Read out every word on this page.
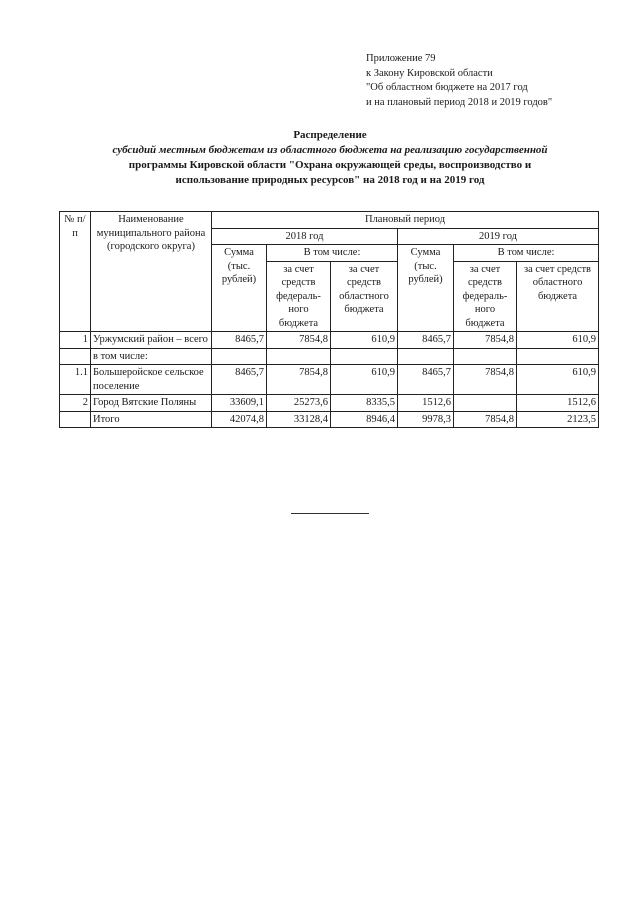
Приложение 79
к Закону Кировской области
"Об областном бюджете на 2017 год
и на плановый период 2018 и 2019 годов"
Распределение
субсидий местным бюджетам из областного бюджета на реализацию государственной
программы Кировской области "Охрана окружающей среды, воспроизводство и
использование природных ресурсов" на 2018 год и на 2019 год
№ п/п	Наименование муниципального района (городского округа)	Плановый период					
		2018 год			2019 год		
		Сумма (тыс. рублей)	В том числе:		Сумма (тыс. рублей)	В том числе:	
			за счет средств федераль-ного бюджета	за счет средств областного бюджета		за счет средств федераль-ного бюджета	за счет средств областного бюджета
1	Уржумский район – всего	8465,7	7854,8	610,9	8465,7	7854,8	610,9
	в том числе:						
1.1	Большеройское сельское поселение	8465,7	7854,8	610,9	8465,7	7854,8	610,9
2	Город Вятские Поляны	33609,1	25273,6	8335,5	1512,6		1512,6
	Итого	42074,8	33128,4	8946,4	9978,3	7854,8	2123,5
